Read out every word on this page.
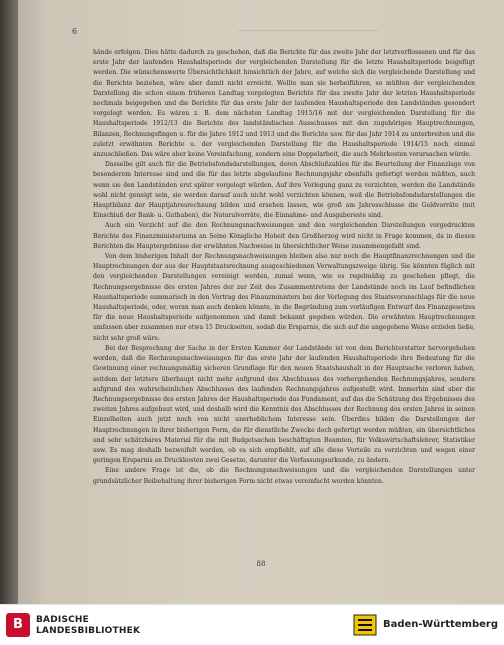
6

hände erfolgen. Dies hätte dadurch zu geschehen, daß die Berichte für das zweite Jahr der letztverflossenen und für das erste Jahr der laufenden Haushaltsperiode der vergleichenden Darstellung für die letzte Haushaltsperiode beigefügt werden. Die wünschenswerte Übersichtlichkeit hinsichtlich der Jahre, auf welche sich die vergleichende Darstellung und die Berichte beziehen, wäre aber damit nicht erreicht. Wollte man sie herbeiführen, so müßten der vergleichenden Darstellung die schon einem früheren Landtag vorgelegten Berichte für das zweite Jahr der letzten Haushaltsperiode nochmals beigegeben und die Berichte für das erste Jahr der laufenden Haushaltsperiode den Landständen gesondert vorgelegt werden. Es wären z. B. dem nächsten Landtag 1915/16 mit der vergleichenden Darstellung für die Haushaltsperiode 1912/13 die Berichte des landständischen Ausschusses mit den zugehörigen Hauptrechnungen, Bilanzen, Rechnungsfingen u. für die Jahre 1912 und 1913 und die Berichte usw. für das Jahr 1914 zu unterbreiten und die zuletzt erwähnten Berichte u. der vergleichenden Darstellung für die Haushaltsperiode 1914/15 noch einmal anzuschließen. Das wäre aber keine Vereinfachung, sondern eine Doppelarbeit, die auch Mehrkosten verursachen würde.

Dasselbe gilt auch für die Betriebsfondsdarstellungen, deren Abschlußzahlen für die Beurteilung der Finanzlage von besonderem Interesse sind und die für das letzte abgelaufene Rechnungsjahr ebenfalls gefertigt werden müßten, auch wenn sie den Landständen erst später vorgelegt würden. Auf ihre Vorlegung ganz zu verzichten, werden die Landstände wohl nicht geneigt sein, sie werden darauf auch nicht wohl verzichten können, weil die Betriebsfondsdarstellungen die Hauptbilanz der Hauptjahresrechnung bilden und ersehen lassen, wie groß am Jahresschlusse die Geldvorräte (mit Einschluß der Bank- u. Guthaben), die Naturalvorräte, die Einnahme- und Ausgabereste sind.

Auch ein Verzicht auf die den Rechnungsnachweisungen und den vergleichenden Darstellungen vorgedruckten Berichte des Finanzministeriums an Seine Königliche Hoheit den Großherzog wird nicht in Frage kommen, da in diesen Berichten die Hauptergebnisse der erwähnten Nachweise in übersichtlicher Weise zusammengefaßt sind.

Von dem bisherigen Inhalt der Rechnungsnachweisungen bleiben also nur noch die Hauptfinanzrechnungen und die Hauptrechnungen der aus der Hauptstaatsrechnung ausgeschiedenen Verwaltungszweige übrig. Sie könnten füglich mit den vergleichenden Darstellungen vereinigt werden, zumal wenn, wie es regelmäßig zu geschehen pflegt, die Rechnungsergebnisse des ersten Jahres der zur Zeit des Zusammentretens der Landstände noch im Lauf befindlichen Haushaltsperiode summarisch in den Vortrag des Finanzministers bei der Vorlegung des Staatsvoranschlags für die neue Haushaltsperiode, oder, woran man auch denken könnte, in die Begründung zum vorläufigen Entwurf des Finanzgesetzes für die neue Haushaltsperiode aufgenommen und damit bekannt gegeben würden. Die erwähnten Hauptrechnungen umfassen aber zusammen nur etwa 15 Druckseiten, sodaß die Ersparnis, die sich auf die angegebene Weise erzielen ließe, nicht sehr groß wäre.

Bei der Besprechung der Sache in der Ersten Kammer der Landstände ist von dem Berichterstatter hervorgehoben worden, daß die Rechnungsnachweisungen für das erste Jahr der laufenden Haushaltsperiode ihre Bedeutung für die Gewinnung einer rechnungsmäßig sicheren Grundlage für den neuen Staatshaushalt in der Hauptsache verloren haben, seitdem der letztere überhaupt nicht mehr aufgrund des Abschlusses des vorhergehenden Rechnungsjahres, sondern aufgrund des wahrscheinlichen Abschlusses des laufenden Rechnungsjahres aufgestellt wird. Immerhin sind aber die Rechnungsergebnisse des ersten Jahres der Haushaltsperiode das Fundament, auf das die Schätzung des Ergebnisses des zweiten Jahres aufgebaut wird, und deshalb wird die Kenntnis des Abschlusses der Rechnung des ersten Jahres in seinen Einzelheiten auch jetzt noch von nicht unerheblichem Interesse sein. Überdies bilden die Darstellungen der Hauptrechnungen in ihrer bisherigen Form, die für dienstliche Zwecke doch gefertigt werden müßten, ein übersichtliches und sehr schätzbares Material für die mit Budgetsachen beschäftigten Beamten, für Volkswirtschaftslehrer, Statistiker usw. Es mag deshalb bezweifelt werden, ob es sich empfiehlt, auf alle diese Vorteile zu verzichten und wegen einer geringen Ersparnis an Druckkosten zwei Gesetze, darunter die Verfassungsurkunde, zu ändern.

Eine andere Frage ist die, ob die Rechnungsnachweisungen und die vergleichenden Darstellungen unter grundsätzlicher Beibehaltung ihrer bisherigen Form nicht etwas vereinfacht werden könnten.

88
B	BADISCHE
LANDESBIBLIOTHEK
Baden-Württemberg
